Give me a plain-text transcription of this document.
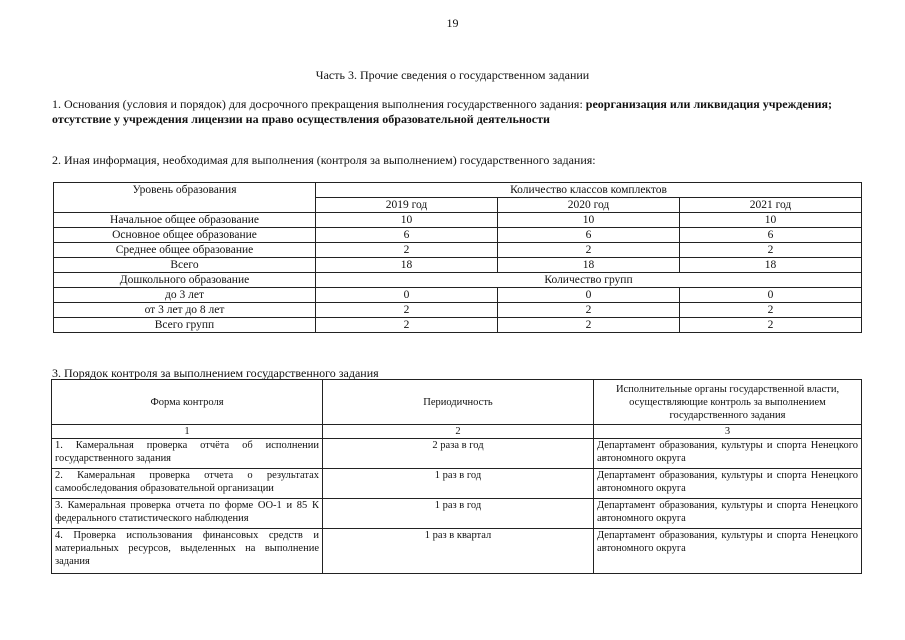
19
Часть 3. Прочие сведения о государственном задании
1. Основания (условия и порядок) для досрочного прекращения выполнения государственного задания: реорганизация или ликвидация учреждения; отсутствие у учреждения лицензии на право осуществления образовательной деятельности
2. Иная информация, необходимая для выполнения (контроля за выполнением) государственного задания:
Уровень образования	Количество классов комплектов		
	2019 год	2020 год	2021 год
Начальное общее образование	10	10	10
Основное общее образование	6	6	6
Среднее общее образование	2	2	2
Всего	18	18	18
Дошкольного образование	Количество групп		
до 3 лет	0	0	0
от 3 лет до 8 лет	2	2	2
Всего групп	2	2	2
3. Порядок контроля за выполнением государственного задания
Форма контроля	Периодичность	Исполнительные органы государственной власти, осуществляющие контроль за выполнением государственного задания
1	2	3
1. Камеральная проверка отчёта об исполнении государственного задания	2 раза в год	Департамент образования, культуры и спорта Ненецкого автономного округа
2. Камеральная проверка отчета о результатах самообследования образовательной организации	1 раз в год	Департамент образования, культуры и спорта Ненецкого автономного округа
3. Камеральная проверка отчета по форме ОО-1 и 85 К федерального статистического наблюдения	1 раз в год	Департамент образования, культуры и спорта Ненецкого автономного округа
4. Проверка использования финансовых средств и материальных ресурсов, выделенных на выполнение задания	1 раз в квартал	Департамент образования, культуры и спорта Ненецкого автономного округа
